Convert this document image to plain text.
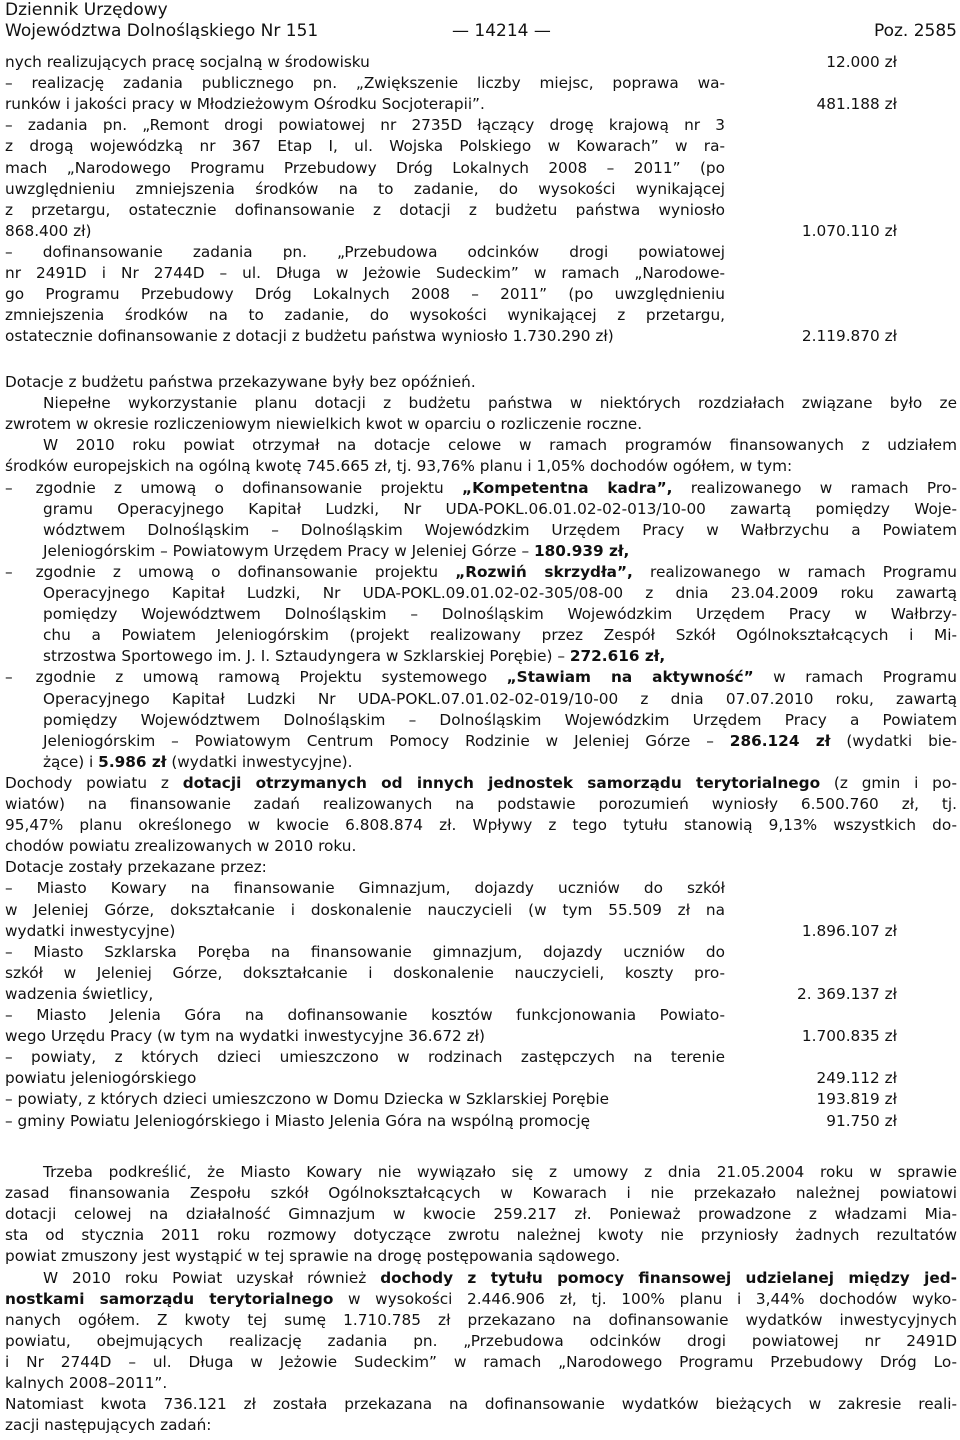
Dziennik Urzędowy
Województwa Dolnośląskiego Nr 151	— 14214 —	Poz. 2585
nych realizujących pracę socjalną w środowisku	12.000 zł
– realizację zadania publicznego pn. „Zwiększenie liczby miejsc, poprawa wa-
runków i jakości pracy w Młodzieżowym Ośrodku Socjoterapii”.	481.188 zł
– zadania pn. „Remont drogi powiatowej nr 2735D łączący drogę krajową nr 3
z drogą wojewódzką nr 367 Etap I, ul. Wojska Polskiego w Kowarach” w ra-
mach „Narodowego Programu Przebudowy Dróg Lokalnych 2008 – 2011” (po
uwzględnieniu zmniejszenia środków na to zadanie, do wysokości wynikającej
z przetargu, ostatecznie dofinansowanie z dotacji z budżetu państwa wyniosło
868.400 zł)	1.070.110 zł
– dofinansowanie zadania pn. „Przebudowa odcinków drogi powiatowej
nr 2491D i Nr 2744D – ul. Długa w Jeżowie Sudeckim” w ramach „Narodowe-
go Programu Przebudowy Dróg Lokalnych 2008 – 2011” (po uwzględnieniu
zmniejszenia środków na to zadanie, do wysokości wynikającej z przetargu,
ostatecznie dofinansowanie z dotacji z budżetu państwa wyniosło 1.730.290 zł)	2.119.870 zł
Dotacje z budżetu państwa przekazywane były bez opóźnień.
Niepełne wykorzystanie planu dotacji z budżetu państwa w niektórych rozdziałach związane było ze
zwrotem w okresie rozliczeniowym niewielkich kwot w oparciu o rozliczenie roczne.
W 2010 roku powiat otrzymał na dotacje celowe w ramach programów finansowanych z udziałem
środków europejskich na ogólną kwotę 745.665 zł, tj. 93,76% planu i 1,05% dochodów ogółem, w tym:
–  zgodnie z umową o dofinansowanie projektu „Kompetentna kadra”, realizowanego w ramach Pro-
gramu Operacyjnego Kapitał Ludzki, Nr UDA-POKL.06.01.02-02-013/10-00 zawartą pomiędzy Woje-
wództwem Dolnośląskim – Dolnośląskim Wojewódzkim Urzędem Pracy w Wałbrzychu a Powiatem
Jeleniogórskim – Powiatowym Urzędem Pracy w Jeleniej Górze – 180.939 zł,
–  zgodnie z umową o dofinansowanie projektu „Rozwiń skrzydła”, realizowanego w ramach Programu
Operacyjnego Kapitał Ludzki, Nr UDA-POKL.09.01.02-02-305/08-00 z dnia 23.04.2009 roku zawartą
pomiędzy Województwem Dolnośląskim – Dolnośląskim Wojewódzkim Urzędem Pracy w Wałbrzy-
chu a Powiatem Jeleniogórskim (projekt realizowany przez Zespół Szkół Ogólnokształcących i Mi-
strzostwa Sportowego im. J. I. Sztaudyngera w Szklarskiej Porębie) – 272.616 zł,
–  zgodnie z umową ramową Projektu systemowego „Stawiam na aktywność” w ramach Programu
Operacyjnego Kapitał Ludzki Nr UDA-POKL.07.01.02-02-019/10-00 z dnia 07.07.2010 roku, zawartą
pomiędzy Województwem Dolnośląskim – Dolnośląskim Wojewódzkim Urzędem Pracy a Powiatem
Jeleniogórskim – Powiatowym Centrum Pomocy Rodzinie w Jeleniej Górze – 286.124 zł (wydatki bie-
żące) i 5.986 zł (wydatki inwestycyjne).
Dochody powiatu z dotacji otrzymanych od innych jednostek samorządu terytorialnego (z gmin i po-
wiatów) na finansowanie zadań realizowanych na podstawie porozumień wyniosły 6.500.760 zł, tj.
95,47% planu określonego w kwocie 6.808.874 zł. Wpływy z tego tytułu stanowią 9,13% wszystkich do-
chodów powiatu zrealizowanych w 2010 roku.
Dotacje zostały przekazane przez:
– Miasto Kowary na finansowanie Gimnazjum, dojazdy uczniów do szkół
w Jeleniej Górze, dokształcanie i doskonalenie nauczycieli (w tym 55.509 zł na
wydatki inwestycyjne)	1.896.107 zł
– Miasto Szklarska Poręba na finansowanie gimnazjum, dojazdy uczniów do
szkół w Jeleniej Górze, dokształcanie i doskonalenie nauczycieli, koszty pro-
wadzenia świetlicy,	2. 369.137 zł
– Miasto Jelenia Góra na dofinansowanie kosztów funkcjonowania Powiato-
wego Urzędu Pracy (w tym na wydatki inwestycyjne 36.672 zł)	1.700.835 zł
– powiaty, z których dzieci umieszczono w rodzinach zastępczych na terenie
powiatu jeleniogórskiego	249.112 zł
– powiaty, z których dzieci umieszczono w Domu Dziecka w Szklarskiej Porębie	193.819 zł
– gminy Powiatu Jeleniogórskiego i Miasto Jelenia Góra na wspólną promocję	91.750 zł
Trzeba podkreślić, że Miasto Kowary nie wywiązało się z umowy z dnia 21.05.2004 roku w sprawie
zasad finansowania Zespołu szkół Ogólnokształcących w Kowarach i nie przekazało należnej powiatowi
dotacji celowej na działalność Gimnazjum w kwocie 259.217 zł. Ponieważ prowadzone z władzami Mia-
sta od stycznia 2011 roku rozmowy dotyczące zwrotu należnej kwoty nie przyniosły żadnych rezultatów
powiat zmuszony jest wystąpić w tej sprawie na drogę postępowania sądowego.
W 2010 roku Powiat uzyskał również dochody z tytułu pomocy finansowej udzielanej między jed-
nostkami samorządu terytorialnego w wysokości 2.446.906 zł, tj. 100% planu i 3,44% dochodów wyko-
nanych ogółem. Z kwoty tej sumę 1.710.785 zł przekazano na dofinansowanie wydatków inwestycyjnych
powiatu, obejmujących realizację zadania pn. „Przebudowa odcinków drogi powiatowej nr 2491D
i Nr 2744D – ul. Długa w Jeżowie Sudeckim” w ramach „Narodowego Programu Przebudowy Dróg Lo-
kalnych 2008–2011”.
Natomiast kwota 736.121 zł została przekazana na dofinansowanie wydatków bieżących w zakresie reali-
zacji następujących zadań:
